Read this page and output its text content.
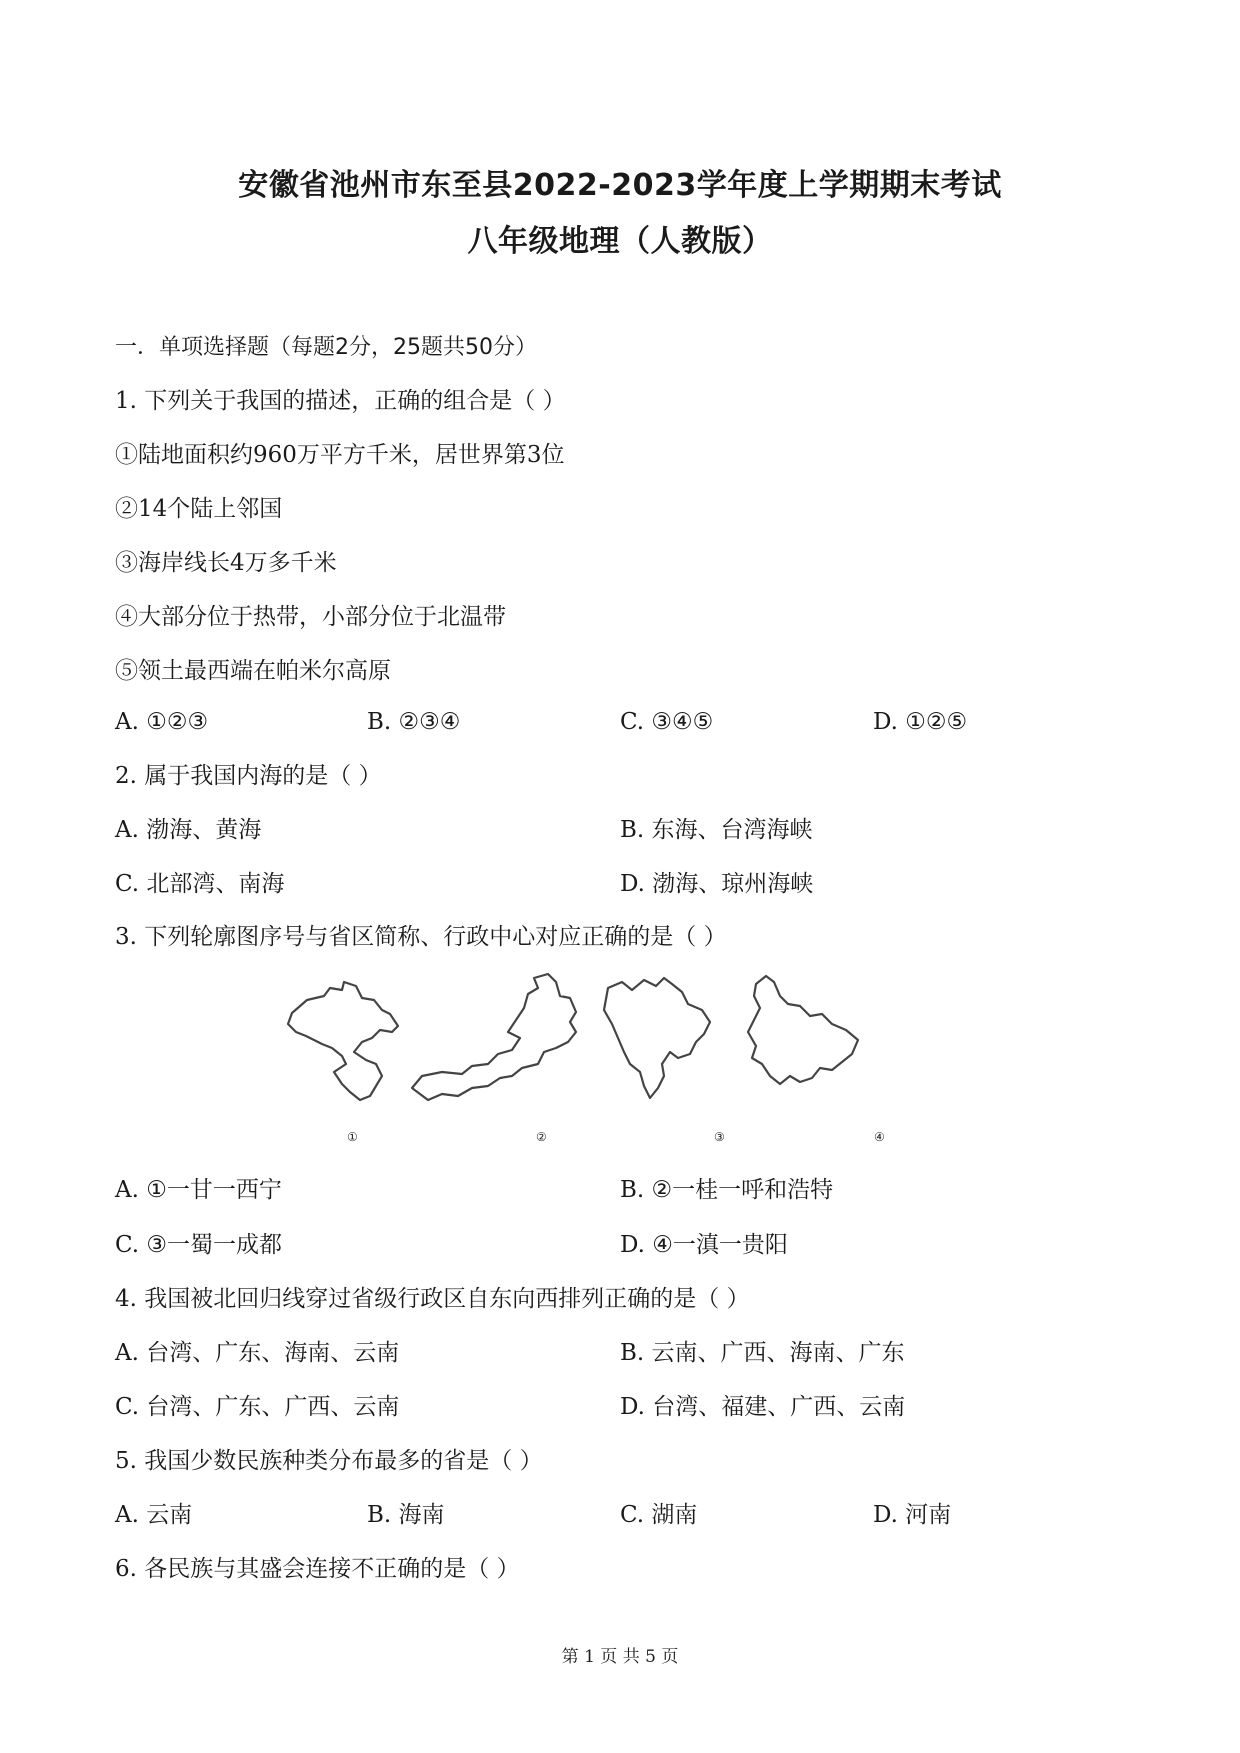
安徽省池州市东至县2022-2023学年度上学期期末考试
八年级地理（人教版）
一．单项选择题（每题2分，25题共50分）
1. 下列关于我国的描述，正确的组合是（ ）
①陆地面积约960万平方千米，居世界第3位
②14个陆上邻国
③海岸线长4万多千米
④大部分位于热带，小部分位于北温带
⑤领土最西端在帕米尔高原
A. ①②③	B. ②③④	C. ③④⑤	D. ①②⑤
2. 属于我国内海的是（ ）
A. 渤海、黄海	B. 东海、台湾海峡
C. 北部湾、南海	D. 渤海、琼州海峡
3. 下列轮廓图序号与省区简称、行政中心对应正确的是（ ）
①	②	③	④
A. ①一甘一西宁	B. ②一桂一呼和浩特
C. ③一蜀一成都	D. ④一滇一贵阳
4. 我国被北回归线穿过省级行政区自东向西排列正确的是（ ）
A. 台湾、广东、海南、云南	B. 云南、广西、海南、广东
C. 台湾、广东、广西、云南	D. 台湾、福建、广西、云南
5. 我国少数民族种类分布最多的省是（ ）
A. 云南	B. 海南	C. 湖南	D. 河南
6. 各民族与其盛会连接不正确的是（ ）
第 1 页 共 5 页
